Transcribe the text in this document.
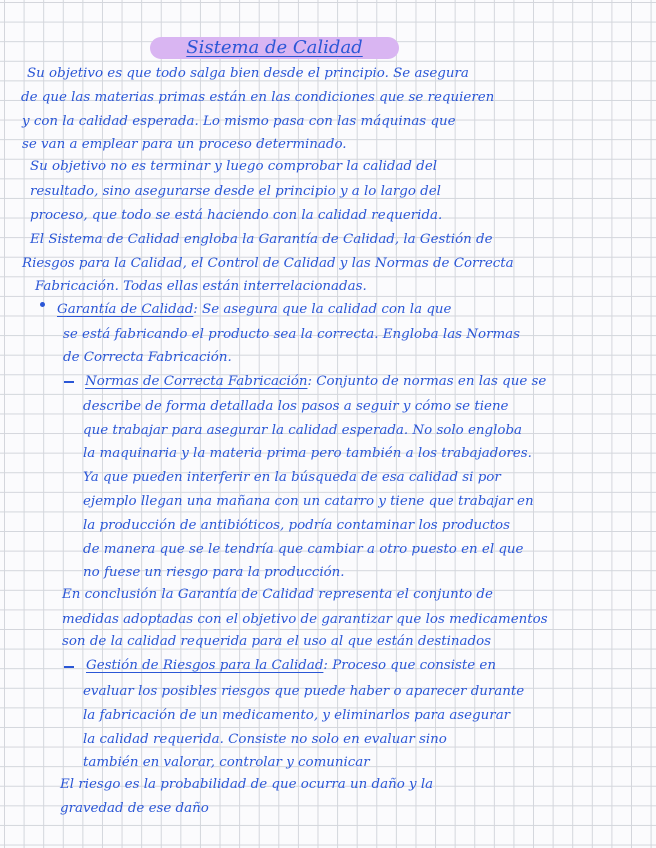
Sistema de Calidad
Su objetivo es que todo salga bien desde el principio. Se asegura
de que las materias primas están en las condiciones que se requieren
y con la calidad esperada. Lo mismo pasa con las máquinas que
se van a emplear para un proceso determinado.
Su objetivo no es terminar y luego comprobar la calidad del
resultado, sino asegurarse desde el principio y a lo largo del
proceso, que todo se está haciendo con la calidad requerida.
El Sistema de Calidad engloba la Garantía de Calidad, la Gestión de
Riesgos para la Calidad, el Control de Calidad y las Normas de Correcta
Fabricación. Todas ellas están interrelacionadas.
Garantía de Calidad: Se asegura que la calidad con la que
se está fabricando el producto sea la correcta. Engloba las Normas
de Correcta Fabricación.
Normas de Correcta Fabricación: Conjunto de normas en las que se
describe de forma detallada los pasos a seguir y cómo se tiene
que trabajar para asegurar la calidad esperada. No solo engloba
la maquinaria y la materia prima pero también a los trabajadores.
Ya que pueden interferir en la búsqueda de esa calidad si por
ejemplo llegan una mañana con un catarro y tiene que trabajar en
la producción de antibióticos, podría contaminar los productos
de manera que se le tendría que cambiar a otro puesto en el que
no fuese un riesgo para la producción.
En conclusión la Garantía de Calidad representa el conjunto de
medidas adoptadas con el objetivo de garantizar que los medicamentos
son de la calidad requerida para el uso al que están destinados
Gestión de Riesgos para la Calidad: Proceso que consiste en
evaluar los posibles riesgos que puede haber o aparecer durante
la fabricación de un medicamento, y eliminarlos para asegurar
la calidad requerida. Consiste no solo en evaluar sino
también en valorar, controlar y comunicar
El riesgo es la probabilidad de que ocurra un daño y la
gravedad de ese daño
